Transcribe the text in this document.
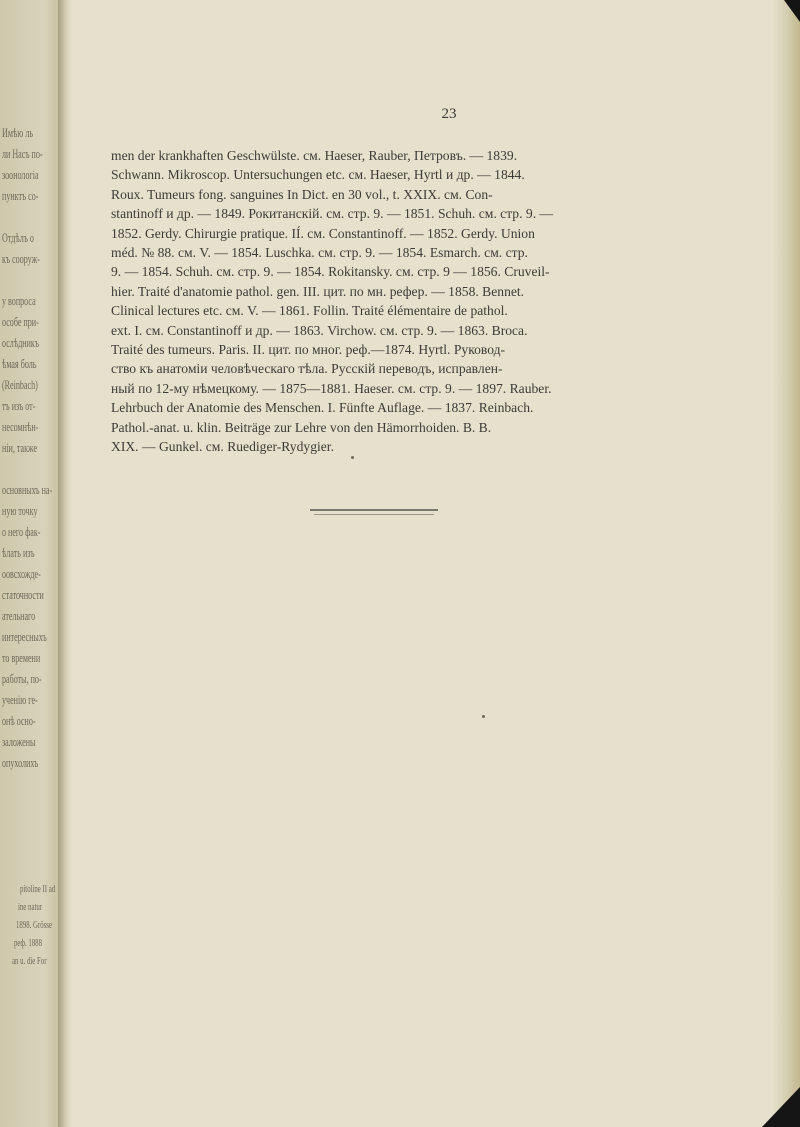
Имѣю ль
ли Насъ по-
зоонологіа
пунктъ со-
Отдѣлъ о
къ сооруж-
у вопроса
особе при-
ослѣдникъ
ѣмая боль
(Reinbach)
тъ изъ от-
несомнѣн-
ніи, также
основныхъ на-
ную точку
о него фак-
ѣлать изъ
оовсхожде-
статочности
ательнаго
интересныхъ
то времени
работы, по-
ученію ге-
онѣ осно-
заложены
опухолихъ
pitoline II ad
ine natur
1898. Grösse
реф. 1888
an u. die For
23
men der krankhaften Geschwülste. см. Haeser, Rauber, Петровъ. — 1839.
Schwann. Mikroscop. Untersuchungen etc. см. Haeser, Hyrtl и др. — 1844.
Roux. Tumeurs fong. sanguines In Dict. en 30 vol., t. XXIX. см. Con-
stantinoff и др. — 1849. Рокитанскій. см. стр. 9. — 1851. Schuh. см. стр. 9. —
1852. Gerdy. Chirurgie pratique. IÍ. см. Constantinoff. — 1852. Gerdy. Union
méd. № 88. см. V. — 1854. Luschka. см. стр. 9. — 1854. Esmarch. см. стр.
9. — 1854. Schuh. см. стр. 9. — 1854. Rokitansky. см. стр. 9 — 1856. Cruveil-
hier. Traité d'anatomie pathol. gen. III. цит. по мн. рефер. — 1858. Bennet.
Clinical lectures etc. см. V. — 1861. Follin. Traité élémentaire de pathol.
ext. I. см. Constantinoff и др. — 1863. Virchow. см. стр. 9. — 1863. Broca.
Traité des tumeurs. Paris. II. цит. по мног. реф.—1874. Hyrtl. Руковод-
ство къ анатоміи человѣческаго тѣла. Русскій переводъ, исправлен-
ный по 12-му нѣмецкому. — 1875—1881. Haeser. см. стр. 9. — 1897. Rauber.
Lehrbuch der Anatomie des Menschen. I. Fünfte Auflage. — 1837. Reinbach.
Pathol.-anat. u. klin. Beiträge zur Lehre von den Hämorrhoiden. B. B.
XIX. — Gunkel. см. Ruediger-Rydygier.
